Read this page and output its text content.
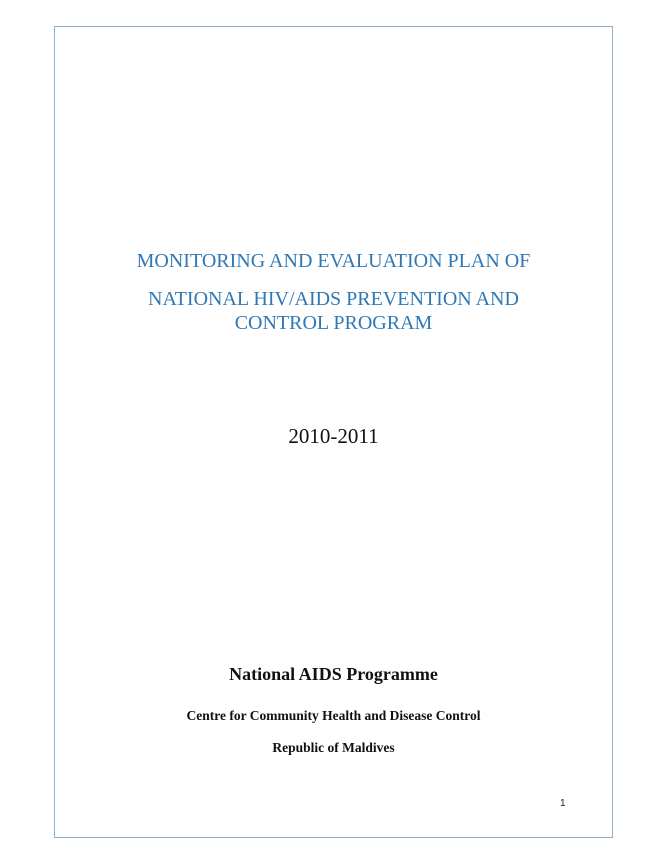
MONITORING AND EVALUATION PLAN OF
NATIONAL HIV/AIDS PREVENTION AND
CONTROL PROGRAM
2010-2011
National AIDS Programme
Centre for Community Health and Disease Control
Republic of Maldives
1
